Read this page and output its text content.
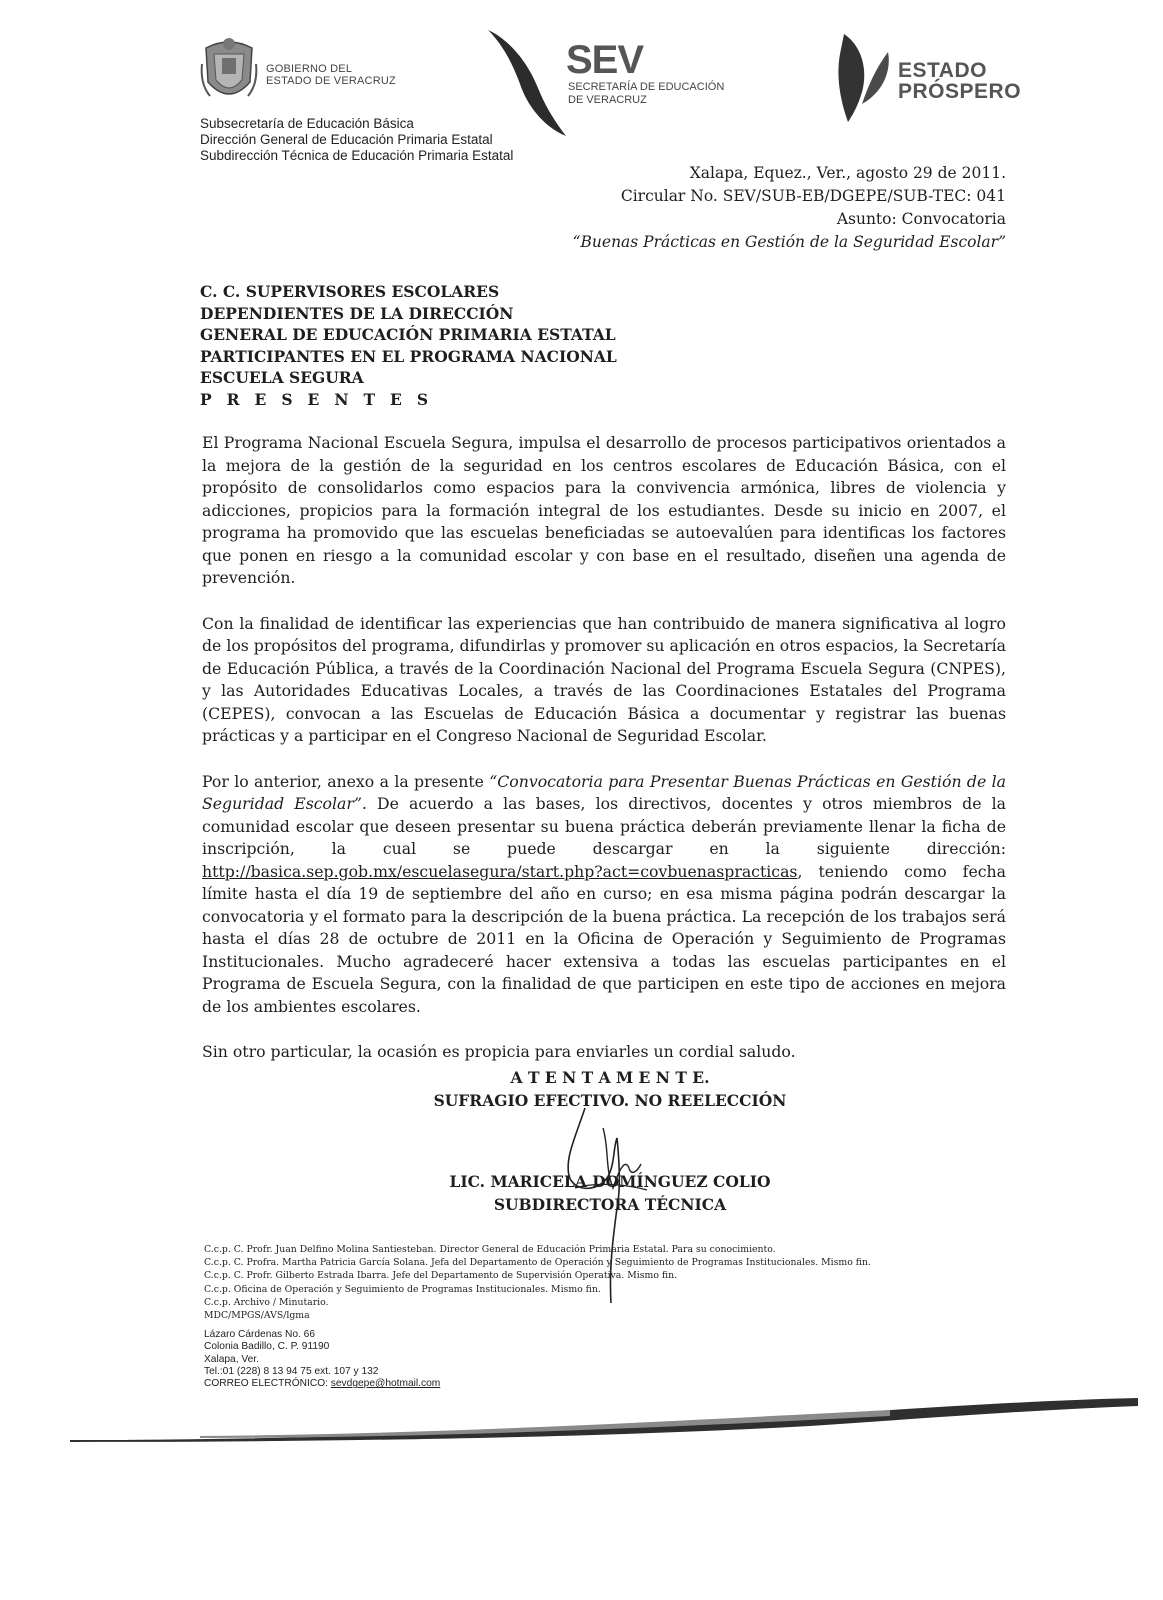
GOBIERNO DEL
ESTADO DE VERACRUZ	SEV
SECRETARÍA DE EDUCACIÓN
DE VERACRUZ
ESTADO
PRÓSPERO
Subsecretaría de Educación Básica
Dirección General de Educación Primaria Estatal
Subdirección Técnica de Educación Primaria Estatal
Xalapa, Equez., Ver., agosto 29 de 2011.
Circular No. SEV/SUB-EB/DGEPE/SUB-TEC: 041
Asunto: Convocatoria
“Buenas Prácticas en Gestión de la Seguridad Escolar”
C. C. SUPERVISORES ESCOLARES
DEPENDIENTES DE LA DIRECCIÓN
GENERAL DE EDUCACIÓN PRIMARIA ESTATAL
PARTICIPANTES EN EL PROGRAMA NACIONAL
ESCUELA SEGURA
PRESENTES

El Programa Nacional Escuela Segura, impulsa el desarrollo de procesos participativos orientados a la mejora de la gestión de la seguridad en los centros escolares de Educación Básica, con el propósito de consolidarlos como espacios para la convivencia armónica, libres de violencia y adicciones, propicios para la formación integral de los estudiantes. Desde su inicio en 2007, el programa ha promovido que las escuelas beneficiadas se autoevalúen para identificas los factores que ponen en riesgo a la comunidad escolar y con base en el resultado, diseñen una agenda de prevención.

Con la finalidad de identificar las experiencias que han contribuido de manera significativa al logro de los propósitos del programa, difundirlas y promover su aplicación en otros espacios, la Secretaría de Educación Pública, a través de la Coordinación Nacional del Programa Escuela Segura (CNPES), y las Autoridades Educativas Locales, a través de las Coordinaciones Estatales del Programa (CEPES), convocan a las Escuelas de Educación Básica a documentar y registrar las buenas prácticas y a participar en el Congreso Nacional de Seguridad Escolar.

Por lo anterior, anexo a la presente “Convocatoria para Presentar Buenas Prácticas en Gestión de la Seguridad Escolar”. De acuerdo a las bases, los directivos, docentes y otros miembros de la comunidad escolar que deseen presentar su buena práctica deberán previamente llenar la ficha de inscripción, la cual se puede descargar en la siguiente dirección: http://basica.sep.gob.mx/escuelasegura/start.php?act=covbuenaspracticas, teniendo como fecha límite hasta el día 19 de septiembre del año en curso; en esa misma página podrán descargar la convocatoria y el formato para la descripción de la buena práctica. La recepción de los trabajos será hasta el días 28 de octubre de 2011 en la Oficina de Operación y Seguimiento de Programas Institucionales. Mucho agradeceré hacer extensiva a todas las escuelas participantes en el Programa de Escuela Segura, con la finalidad de que participen en este tipo de acciones en mejora de los ambientes escolares.

Sin otro particular, la ocasión es propicia para enviarles un cordial saludo.

A T E N T A M E N T E.
SUFRAGIO EFECTIVO. NO REELECCIÓN
LIC. MARICELA DOMÍNGUEZ COLIO
SUBDIRECTORA TÉCNICA
C.c.p. C. Profr. Juan Delfino Molina Santiesteban. Director General de Educación Primaria Estatal. Para su conocimiento.
C.c.p. C. Profra. Martha Patricia García Solana. Jefa del Departamento de Operación y Seguimiento de Programas Institucionales. Mismo fin.
C.c.p. C. Profr. Gilberto Estrada Ibarra. Jefe del Departamento de Supervisión Operativa. Mismo fin.
C.c.p. Oficina de Operación y Seguimiento de Programas Institucionales. Mismo fin.
C.c.p. Archivo / Minutario.
MDC/MPGS/AVS/lgma
Lázaro Cárdenas No. 66
Colonia Badillo, C. P. 91190
Xalapa, Ver.
Tel.:01 (228) 8 13 94 75 ext. 107 y 132
CORREO ELECTRÓNICO: sevdgepe@hotmail.com
